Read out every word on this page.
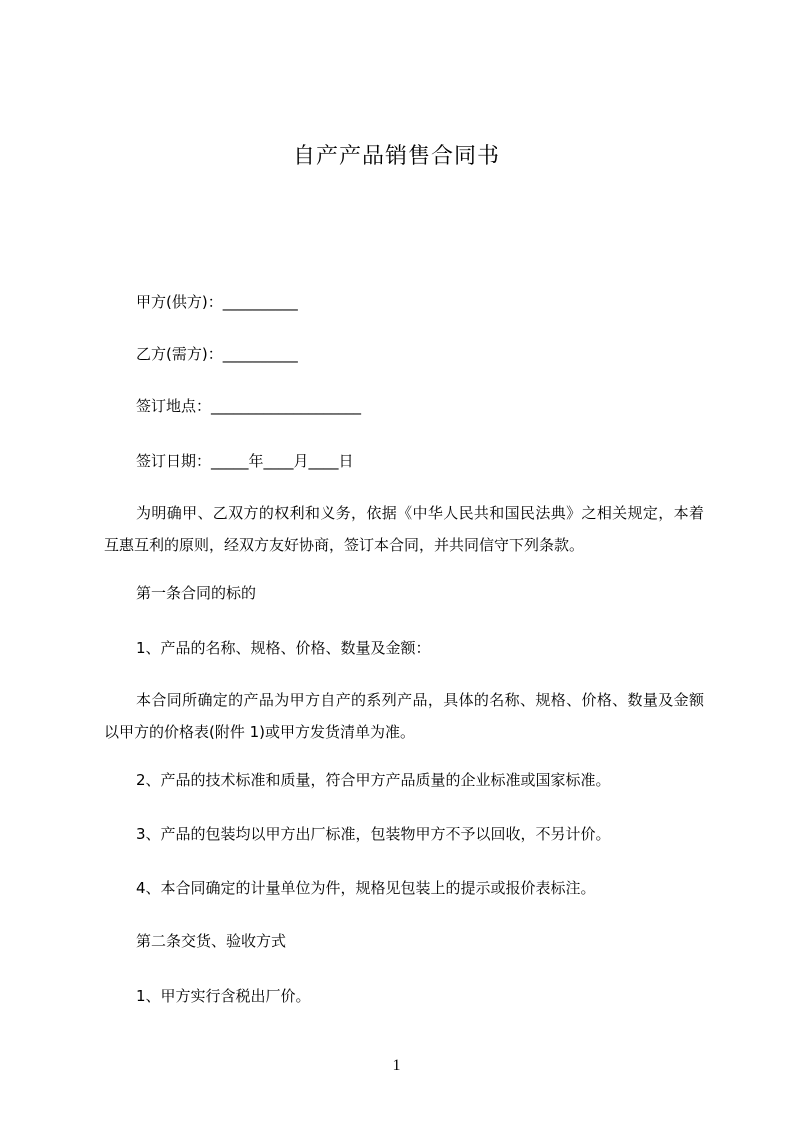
自产产品销售合同书
甲方(供方)：__________
乙方(需方)：__________
签订地点：____________________
签订日期：_____年____月____日
为明确甲、乙双方的权利和义务，依据《中华人民共和国民法典》之相关规定，本着互惠互利的原则，经双方友好协商，签订本合同，并共同信守下列条款。
第一条合同的标的
1、产品的名称、规格、价格、数量及金额：
本合同所确定的产品为甲方自产的系列产品，具体的名称、规格、价格、数量及金额以甲方的价格表(附件 1)或甲方发货清单为准。
2、产品的技术标准和质量，符合甲方产品质量的企业标准或国家标准。
3、产品的包装均以甲方出厂标准，包装物甲方不予以回收，不另计价。
4、本合同确定的计量单位为件，规格见包装上的提示或报价表标注。
第二条交货、验收方式
1、甲方实行含税出厂价。
1
